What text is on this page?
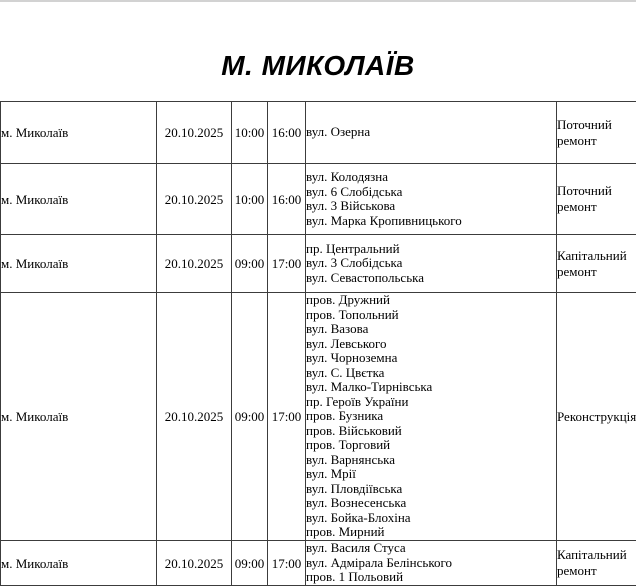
М. МИКОЛАЇВ
м. Миколаїв	20.10.2025	10:00	16:00	вул. Озерна	Поточний ремонт
м. Миколаїв	20.10.2025	10:00	16:00	вул. Колодязна
вул. 6 Слобідська
вул. 3 Військова
вул. Марка Кропивницького	Поточний ремонт
м. Миколаїв	20.10.2025	09:00	17:00	пр. Центральний
вул. 3 Слобідська
вул. Севастопольська	Капітальний ремонт
м. Миколаїв	20.10.2025	09:00	17:00	
пров. Дружний
пров. Топольний
вул. Вазова
вул. Левського
вул. Чорноземна
вул. С. Цвєтка
вул. Малко-Тирнівська
пр. Героїв України
пров. Бузника
пров. Військовий
пров. Торговий
вул. Варнянська
вул. Мрії
вул. Пловдіївська
вул. Вознесенська
вул. Бойка-Блохіна
пров. Мирний
	Реконструкція
м. Миколаїв	20.10.2025	09:00	17:00	вул. Василя Стуса
вул. Адмірала Белінського
пров. 1 Польовий	Капітальний ремонт
